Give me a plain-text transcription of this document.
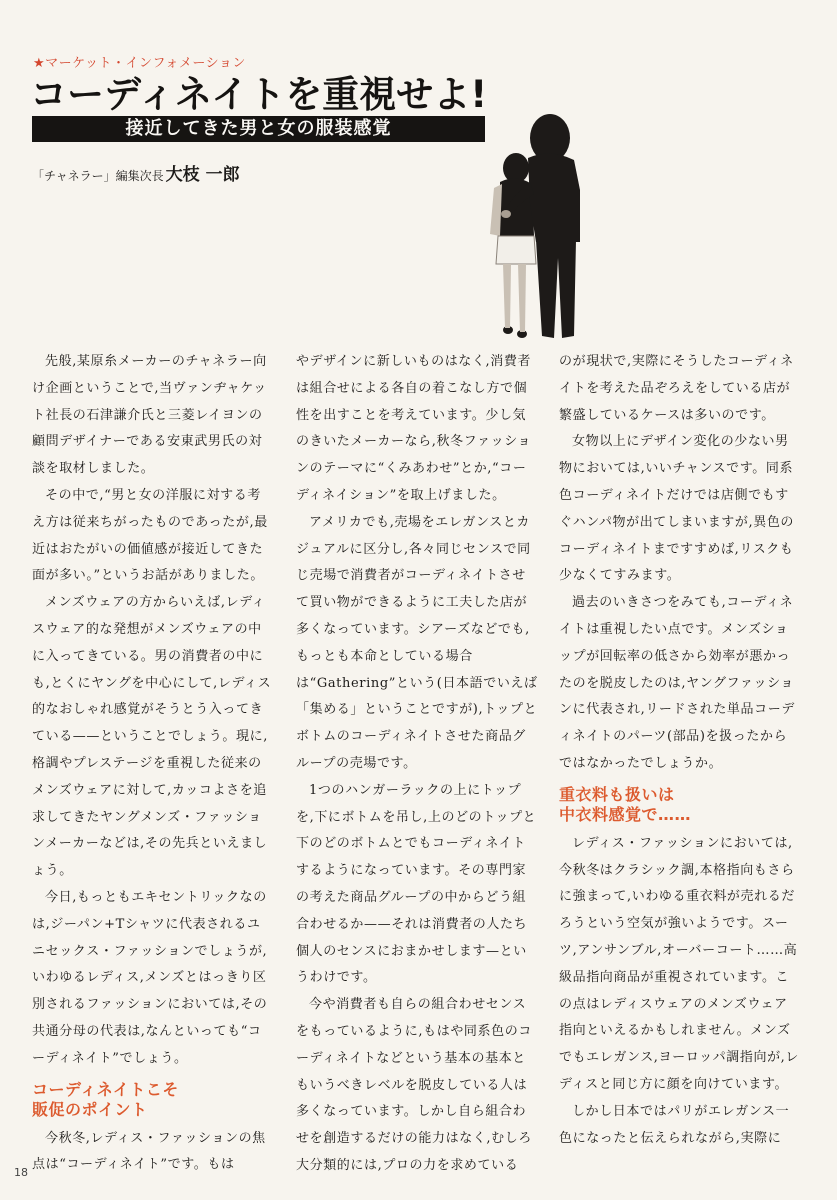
★マーケット・インフォメーション
コーディネイトを重視せよ!
接近してきた男と女の服装感覚
「チャネラー」編集次長 大枝 一郎

先般,某原糸メーカーのチャネラー向け企画ということで,当ヴァンヂャケット社長の石津謙介氏と三菱レイヨンの顧問デザイナーである安東武男氏の対談を取材しました。

その中で,“男と女の洋服に対する考え方は従来ちがったものであったが,最近はおたがいの価値感が接近してきた面が多い。”というお話がありました。

メンズウェアの方からいえば,レディスウェア的な発想がメンズウェアの中に入ってきている。男の消費者の中にも,とくにヤングを中心にして,レディス的なおしゃれ感覚がそうとう入ってきている——ということでしょう。現に,格調やプレステージを重視した従来のメンズウェアに対して,カッコよさを追求してきたヤングメンズ・ファッションメーカーなどは,その先兵といえましょう。

今日,もっともエキセントリックなのは,ジーパン+Tシャツに代表されるユニセックス・ファッションでしょうが,いわゆるレディス,メンズとはっきり区別されるファッションにおいては,その共通分母の代表は,なんといっても“コーディネイト”でしょう。

コーディネイトこそ
販促のポイント

今秋冬,レディス・ファッションの焦点は“コーディネイト”です。もは

やデザインに新しいものはなく,消費者は組合せによる各自の着こなし方で個性を出すことを考えています。少し気のきいたメーカーなら,秋冬ファッションのテーマに“くみあわせ”とか,“コーディネイション”を取上げました。

アメリカでも,売場をエレガンスとカジュアルに区分し,各々同じセンスで同じ売場で消費者がコーディネイトさせて買い物ができるように工夫した店が多くなっています。シアーズなどでも,もっとも本命としている場合は“Gathering”という(日本語でいえば「集める」ということですが),トップとボトムのコーディネイトさせた商品グループの売場です。

1つのハンガーラックの上にトップを,下にボトムを吊し,上のどのトップと下のどのボトムとでもコーディネイトするようになっています。その専門家の考えた商品グループの中からどう組合わせるか——それは消費者の人たち個人のセンスにおまかせします—というわけです。

今や消費者も自らの組合わせセンスをもっているように,もはや同系色のコーディネイトなどという基本の基本ともいうべきレベルを脱皮している人は多くなっています。しかし自ら組合わせを創造するだけの能力はなく,むしろ大分類的には,プロの力を求めている

のが現状で,実際にそうしたコーディネイトを考えた品ぞろえをしている店が繁盛しているケースは多いのです。

女物以上にデザイン変化の少ない男物においては,いいチャンスです。同系色コーディネイトだけでは店側でもすぐハンパ物が出てしまいますが,異色のコーディネイトまですすめば,リスクも少なくてすみます。

過去のいきさつをみても,コーディネイトは重視したい点です。メンズショップが回転率の低さから効率が悪かったのを脱皮したのは,ヤングファッションに代表され,リードされた単品コーディネイトのパーツ(部品)を扱ったからではなかったでしょうか。

重衣料も扱いは
中衣料感覚で……

レディス・ファッションにおいては,今秋冬はクラシック調,本格指向もさらに強まって,いわゆる重衣料が売れるだろうという空気が強いようです。スーツ,アンサンブル,オーバーコート……高級品指向商品が重視されています。この点はレディスウェアのメンズウェア指向といえるかもしれません。メンズでもエレガンス,ヨーロッパ調指向が,レディスと同じ方に顔を向けています。

しかし日本ではパリがエレガンス一色になったと伝えられながら,実際に

18
